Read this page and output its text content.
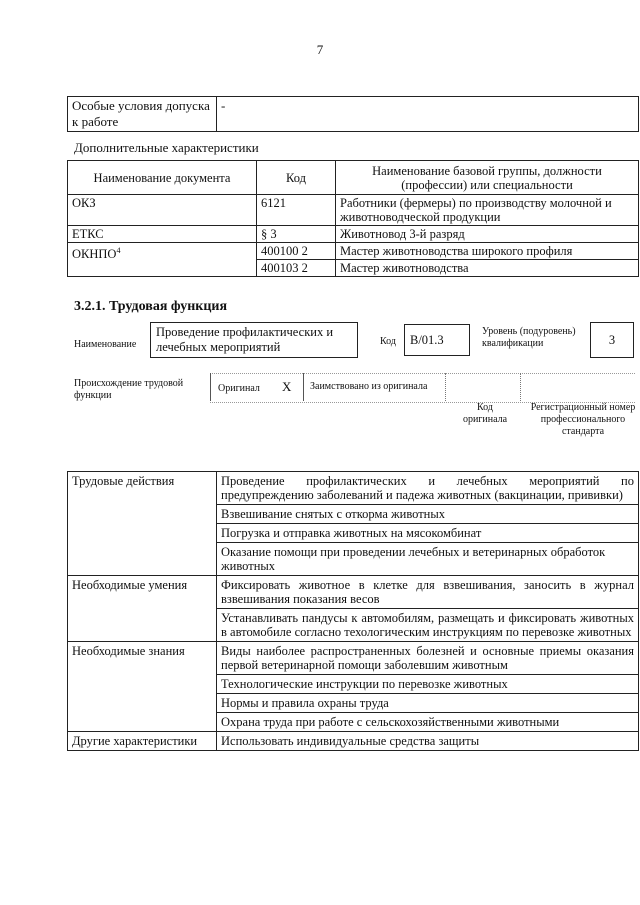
7
Особые условия допуска к работе	-
Дополнительные характеристики
Наименование документа	Код	Наименование базовой группы, должности (профессии) или специальности
ОКЗ	6121	Работники (фермеры) по производству молочной и животноводческой продукции
ЕТКС	§ 3	Животновод 3-й разряд
ОКНПО$^4$	400100 2	Мастер животноводства широкого профиля
	400103 2	Мастер животноводства
3.2.1. Трудовая функция
Наименование
Проведение профилактических и лечебных мероприятий	Код	B/01.3
Уровень (подуровень) квалификации	3
Происхождение трудовой функции
Оригинал X Заимствовано из оригинала
Код оригинала
Регистрационный номер профессионального стандарта
Трудовые действия	Проведение профилактических и лечебных мероприятий по предупреждению заболеваний и падежа животных (вакцинации, прививки)
	Взвешивание снятых с откорма животных
	Погрузка и отправка животных на мясокомбинат
	Оказание помощи при проведении лечебных и ветеринарных обработок животных
Необходимые умения	Фиксировать животное в клетке для взвешивания, заносить в журнал взвешивания показания весов
	Устанавливать пандусы к автомобилям, размещать и фиксировать животных в автомобиле согласно техологическим инструкциям по перевозке животных
Необходимые знания	Виды наиболее распространенных болезней и основные приемы оказания первой ветеринарной помощи заболевшим животным
	Технологические инструкции по перевозке животных
	Нормы и правила охраны труда
	Охрана труда при работе с сельскохозяйственными животными
Другие характеристики	Использовать индивидуальные средства защиты
